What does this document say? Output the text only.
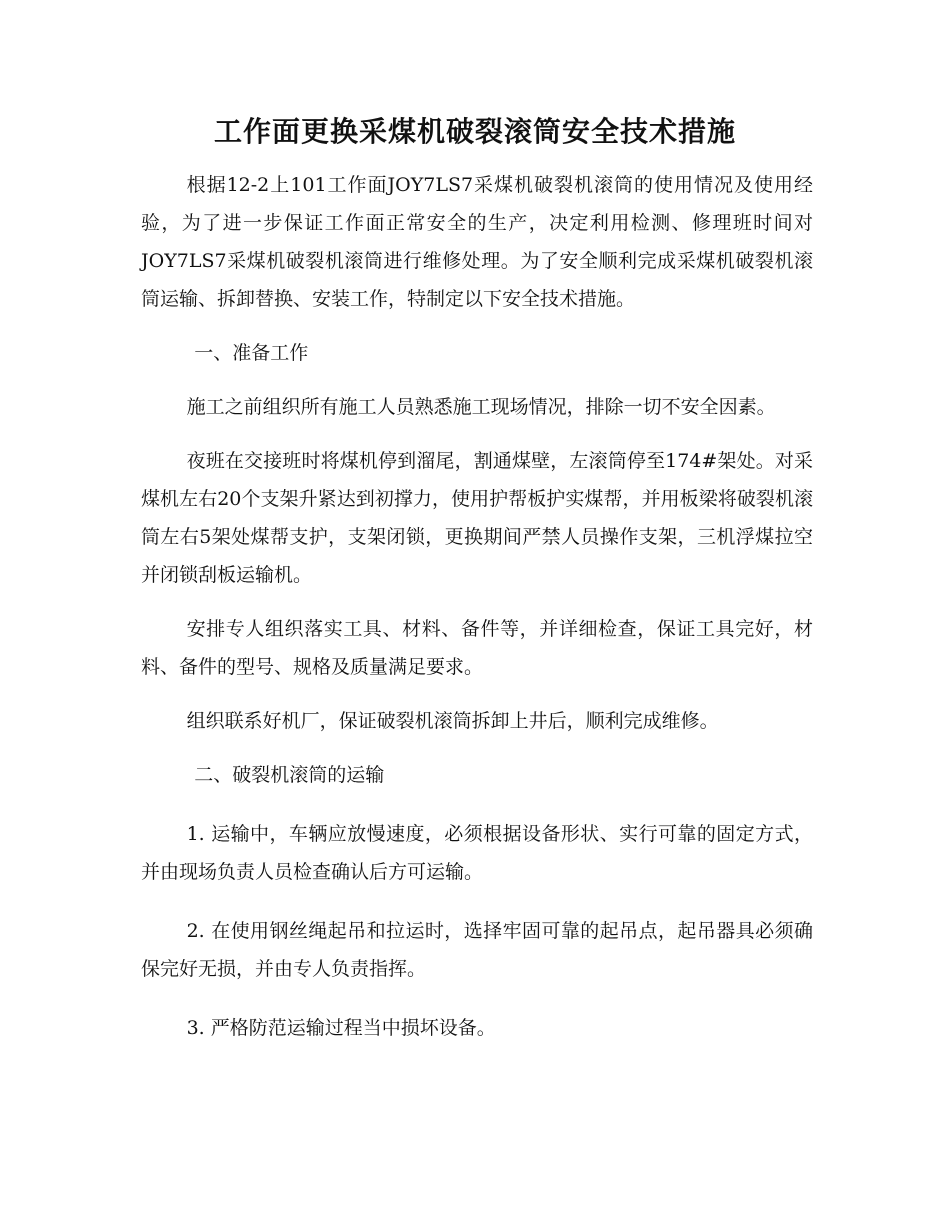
工作面更换采煤机破裂滚筒安全技术措施

根据12-2上101工作面JOY7LS7采煤机破裂机滚筒的使用情况及使用经验，为了进一步保证工作面正常安全的生产，决定利用检测、修理班时间对JOY7LS7采煤机破裂机滚筒进行维修处理。为了安全顺利完成采煤机破裂机滚筒运输、拆卸替换、安装工作，特制定以下安全技术措施。

一、准备工作

施工之前组织所有施工人员熟悉施工现场情况，排除一切不安全因素。

夜班在交接班时将煤机停到溜尾，割通煤壁，左滚筒停至174#架处。对采煤机左右20个支架升紧达到初撑力，使用护帮板护实煤帮，并用板梁将破裂机滚筒左右5架处煤帮支护，支架闭锁，更换期间严禁人员操作支架，三机浮煤拉空并闭锁刮板运输机。

安排专人组织落实工具、材料、备件等，并详细检查，保证工具完好，材料、备件的型号、规格及质量满足要求。

组织联系好机厂，保证破裂机滚筒拆卸上井后，顺利完成维修。

二、破裂机滚筒的运输

1. 运输中，车辆应放慢速度，必须根据设备形状、实行可靠的固定方式，并由现场负责人员检查确认后方可运输。

2. 在使用钢丝绳起吊和拉运时，选择牢固可靠的起吊点，起吊器具必须确保完好无损，并由专人负责指挥。

3. 严格防范运输过程当中损坏设备。
